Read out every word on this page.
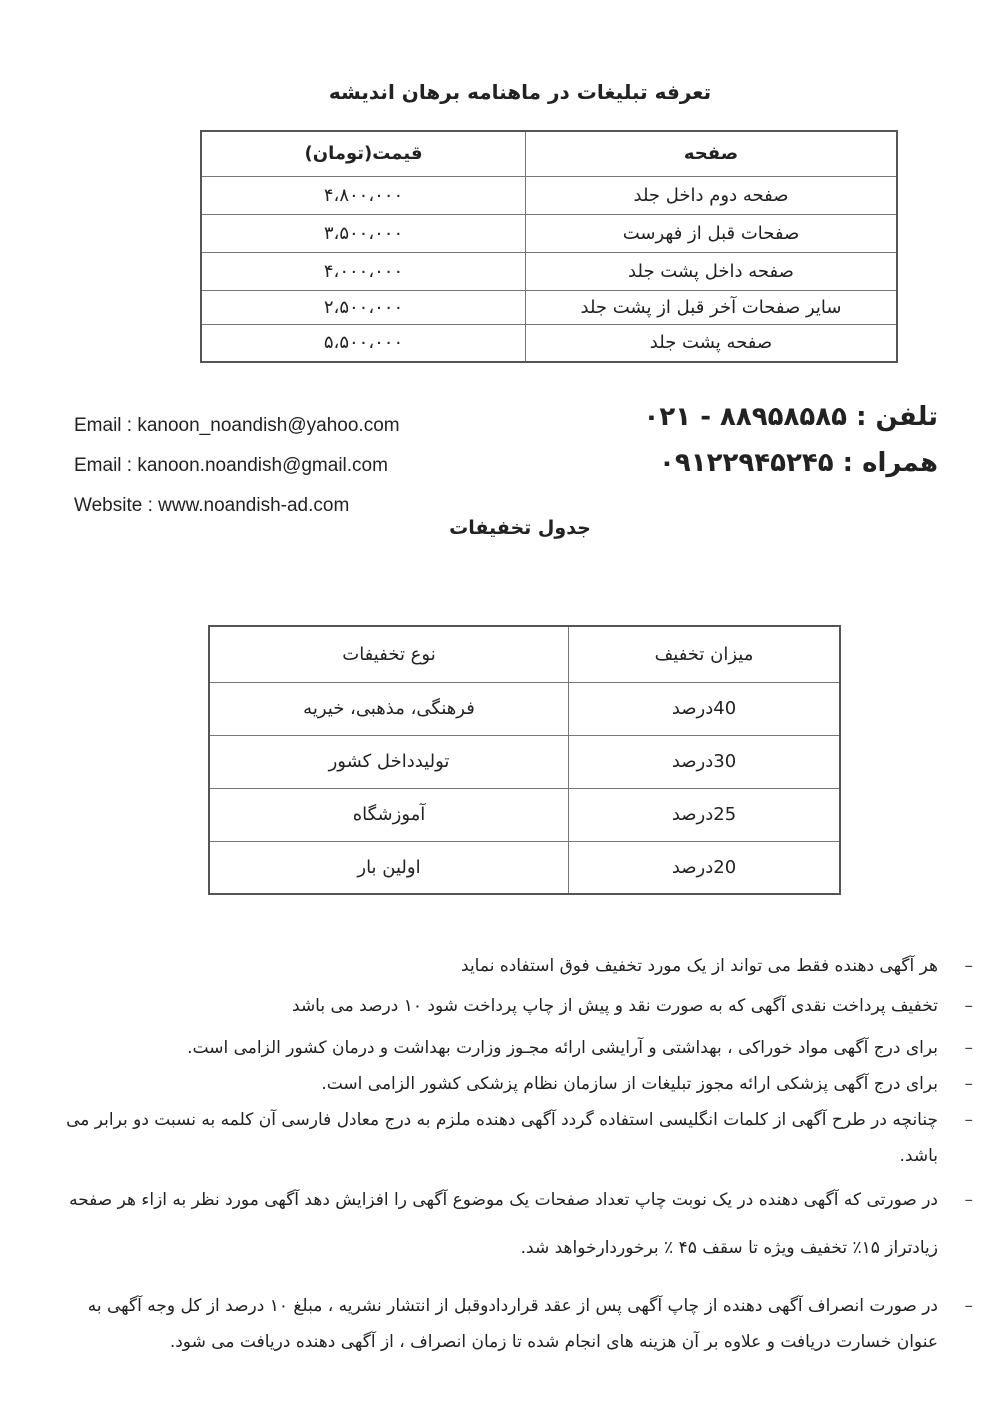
تعرفه تبلیغات در ماهنامه برهان اندیشه
صفحه	قیمت(تومان)
صفحه دوم داخل جلد	۴،۸۰۰،۰۰۰
صفحات قبل از فهرست	۳،۵۰۰،۰۰۰
صفحه داخل پشت جلد	۴،۰۰۰،۰۰۰
سایر صفحات آخر قبل از پشت جلد	۲،۵۰۰،۰۰۰
صفحه پشت جلد	۵،۵۰۰،۰۰۰
Email : kanoon_noandish@yahoo.com
Email : kanoon.noandish@gmail.com
Website : www.noandish-ad.com
تلفن : ۰۲۱ - ۸۸۹۵۸۵۸۵
همراه : ۰۹۱۲۲۹۴۵۲۴۵
جدول تخفیفات
میزان تخفیف	نوع تخفیفات
40درصد	فرهنگی، مذهبی، خیریه
30درصد	تولیدداخل کشور
25درصد	آموزشگاه
20درصد	اولین بار
–
هر آگهی دهنده فقط می تواند از یک مورد تخفیف فوق استفاده نماید
–
تخفیف پرداخت نقدی آگهی که به صورت نقد و پیش از چاپ پرداخت شود ۱۰ درصد می باشد
–
برای درج آگهی مواد خوراکی ، بهداشتی و آرایشی ارائه مجـوز وزارت بهداشت و درمان کشور الزامی است.
–
برای درج آگهی پزشکی ارائه مجوز تبلیغات از سازمان نظام پزشکی کشور الزامی است.
–
چنانچه در طرح آگهی از کلمات انگلیسی استفاده گردد آگهی دهنده ملزم به درج معادل فارسی آن کلمه به نسبت دو برابر می باشد.
–
در صورتی که آگهی دهنده در یک نوبت چاپ تعداد صفحات یک موضوع آگهی را افزایش دهد آگهی مورد نظر به ازاء هر صفحه زیادتراز ۱۵٪ تخفیف ویژه تا سقف ۴۵ ٪ برخوردارخواهد شد.
–
در صورت انصراف آگهی دهنده از چاپ آگهی پس از عقد قراردادوقبل از انتشار نشریه ، مبلغ ۱۰ درصد از کل وجه آگهی به عنوان خسارت دریافت و علاوه بر آن هزینه های انجام شده تا زمان انصراف ، از آگهی دهنده دریافت می شود.
